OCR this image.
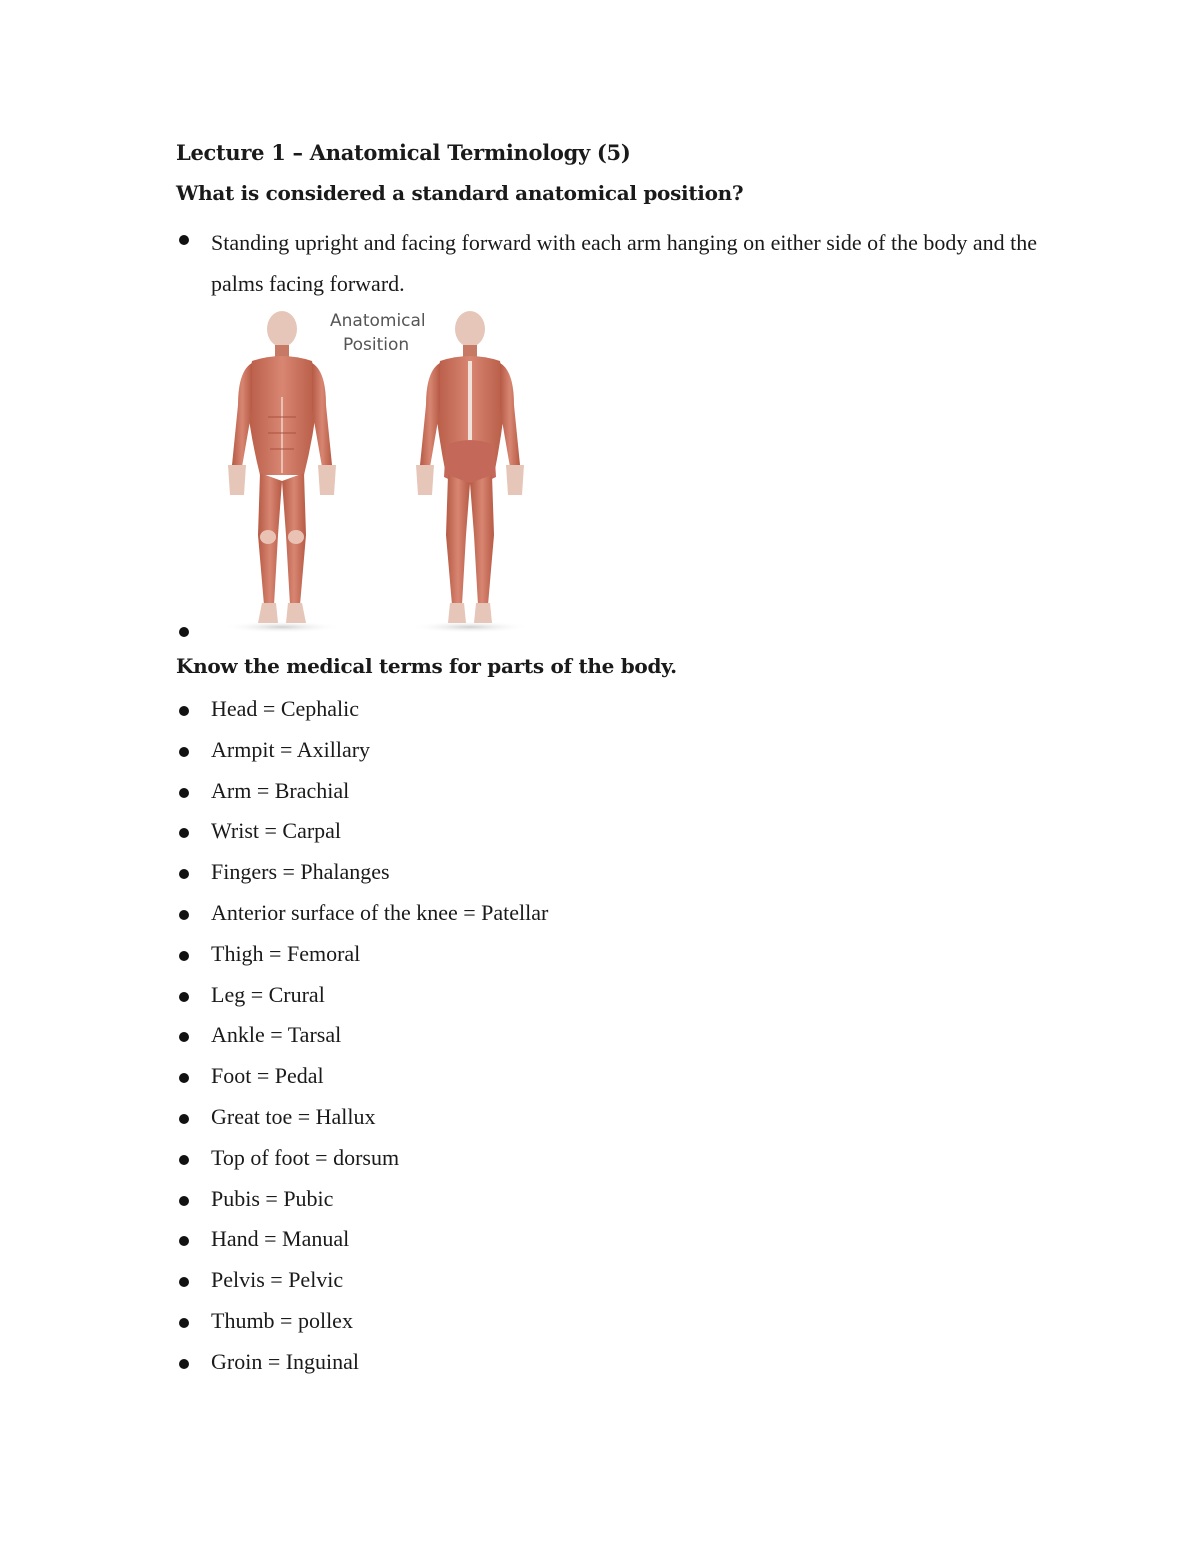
Lecture 1 – Anatomical Terminology (5)
What is considered a standard anatomical position?
Standing upright and facing forward with each arm hanging on either side of the body and the palms facing forward.
Anatomical
Position
Know the medical terms for parts of the body.
Head = Cephalic
Armpit = Axillary
Arm = Brachial
Wrist = Carpal
Fingers = Phalanges
Anterior surface of the knee = Patellar
Thigh = Femoral
Leg = Crural
Ankle = Tarsal
Foot = Pedal
Great toe = Hallux
Top of foot = dorsum
Pubis = Pubic
Hand = Manual
Pelvis = Pelvic
Thumb = pollex
Groin = Inguinal
